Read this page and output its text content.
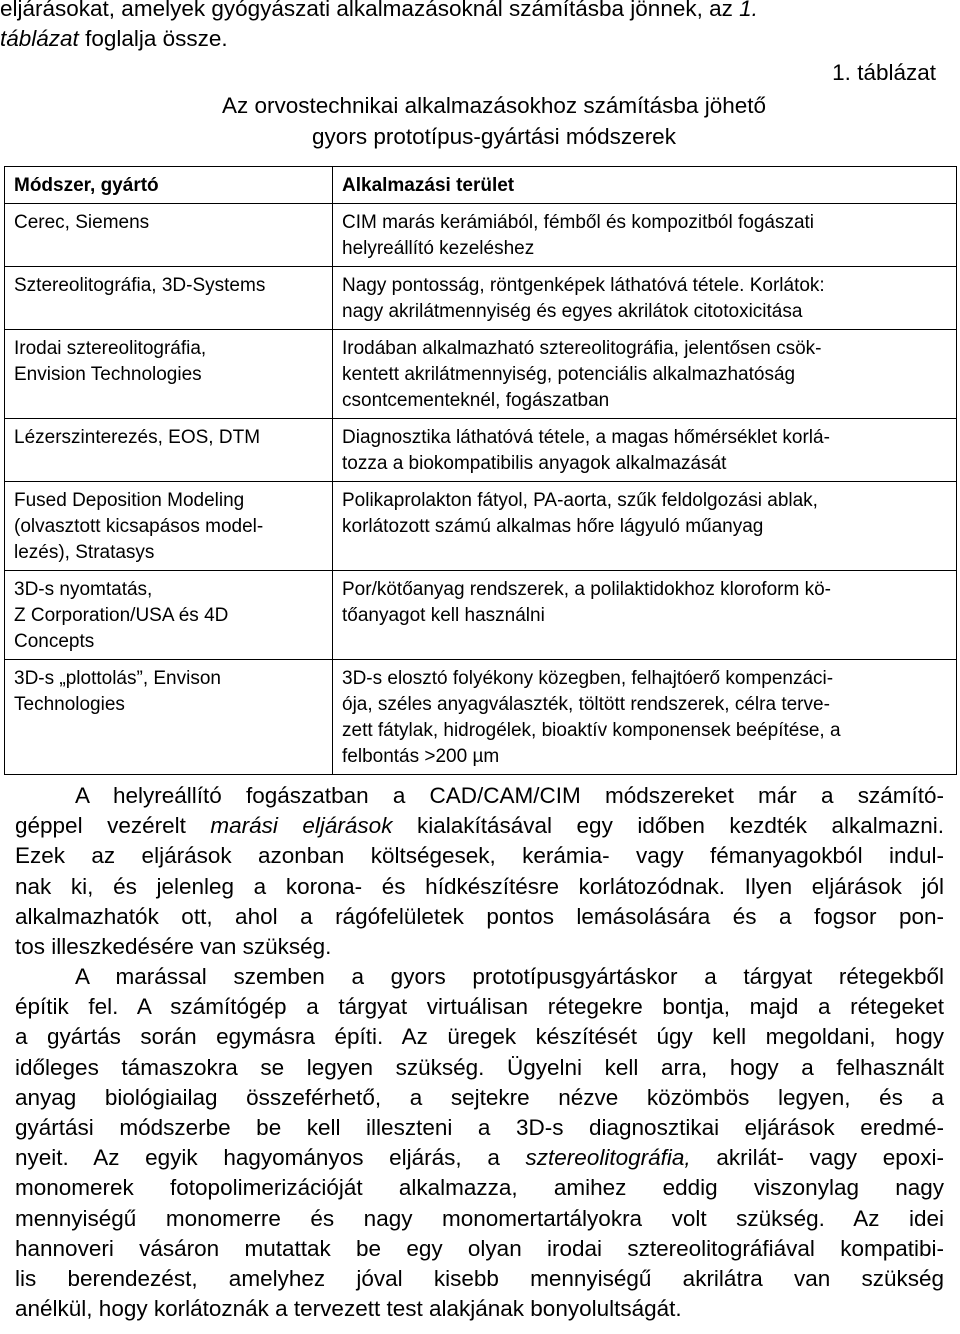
eljárásokat, amelyek gyógyászati alkalmazásoknál számításba jönnek, az 1.
táblázat foglalja össze.

1. táblázat

Az orvostechnikai alkalmazásokhoz számításba jöhető
gyors prototípus-gyártási módszerek

Módszer, gyártó	Alkalmazási terület

Cerec, Siemens	CIM marás kerámiából, fémből és kompozitból fogászati
helyreállító kezeléshez

Sztereolitográfia, 3D-Systems	Nagy pontosság, röntgenképek láthatóvá tétele. Korlátok:
nagy akrilátmennyiség és egyes akrilátok citotoxicitása

Irodai sztereolitográfia,
Envision Technologies	Irodában alkalmazható sztereolitográfia, jelentősen csök-
kentett akrilátmennyiség, potenciális alkalmazhatóság
csontcementeknél, fogászatban

Lézerszinterezés, EOS, DTM	Diagnosztika láthatóvá tétele, a magas hőmérséklet korlá-
tozza a biokompatibilis anyagok alkalmazását

Fused Deposition Modeling
(olvasztott kicsapásos model-
lezés), Stratasys	Polikaprolakton fátyol, PA-aorta, szűk feldolgozási ablak,
korlátozott számú alkalmas hőre lágyuló műanyag

3D-s nyomtatás,
Z Corporation/USA és 4D
Concepts	Por/kötőanyag rendszerek, a polilaktidokhoz kloroform kö-
tőanyagot kell használni

3D-s „plottolás”, Envison
Technologies	3D-s elosztó folyékony közegben, felhajtóerő kompenzáci-
ója, széles anyagválaszték, töltött rendszerek, célra terve-
zett fátylak, hidrogélek, bioaktív komponensek beépítése, a
felbontás >200 µm
A helyreállító fogászatban a CAD/CAM/CIM módszereket már a számító-
géppel vezérelt marási eljárások kialakításával egy időben kezdték alkalmazni.
Ezek az eljárások azonban költségesek, kerámia- vagy fémanyagokból indul-
nak ki, és jelenleg a korona- és hídkészítésre korlátozódnak. Ilyen eljárások jól
alkalmazhatók ott, ahol a rágófelületek pontos lemásolására és a fogsor pon-
tos illeszkedésére van szükség.
A marással szemben a gyors prototípusgyártáskor a tárgyat rétegekből
építik fel. A számítógép a tárgyat virtuálisan rétegekre bontja, majd a rétegeket
a gyártás során egymásra építi. Az üregek készítését úgy kell megoldani, hogy
időleges támaszokra se legyen szükség. Ügyelni kell arra, hogy a felhasznált
anyag biológiailag összeférhető, a sejtekre nézve közömbös legyen, és a
gyártási módszerbe be kell illeszteni a 3D-s diagnosztikai eljárások eredmé-
nyeit. Az egyik hagyományos eljárás, a sztereolitográfia, akrilát- vagy epoxi-
monomerek fotopolimerizációját alkalmazza, amihez eddig viszonylag nagy
mennyiségű monomerre és nagy monomertartályokra volt szükség. Az idei
hannoveri vásáron mutattak be egy olyan irodai sztereolitográfiával kompatibi-
lis berendezést, amelyhez jóval kisebb mennyiségű akrilátra van szükség
anélkül, hogy korlátoznák a tervezett test alakjának bonyolultságát.
